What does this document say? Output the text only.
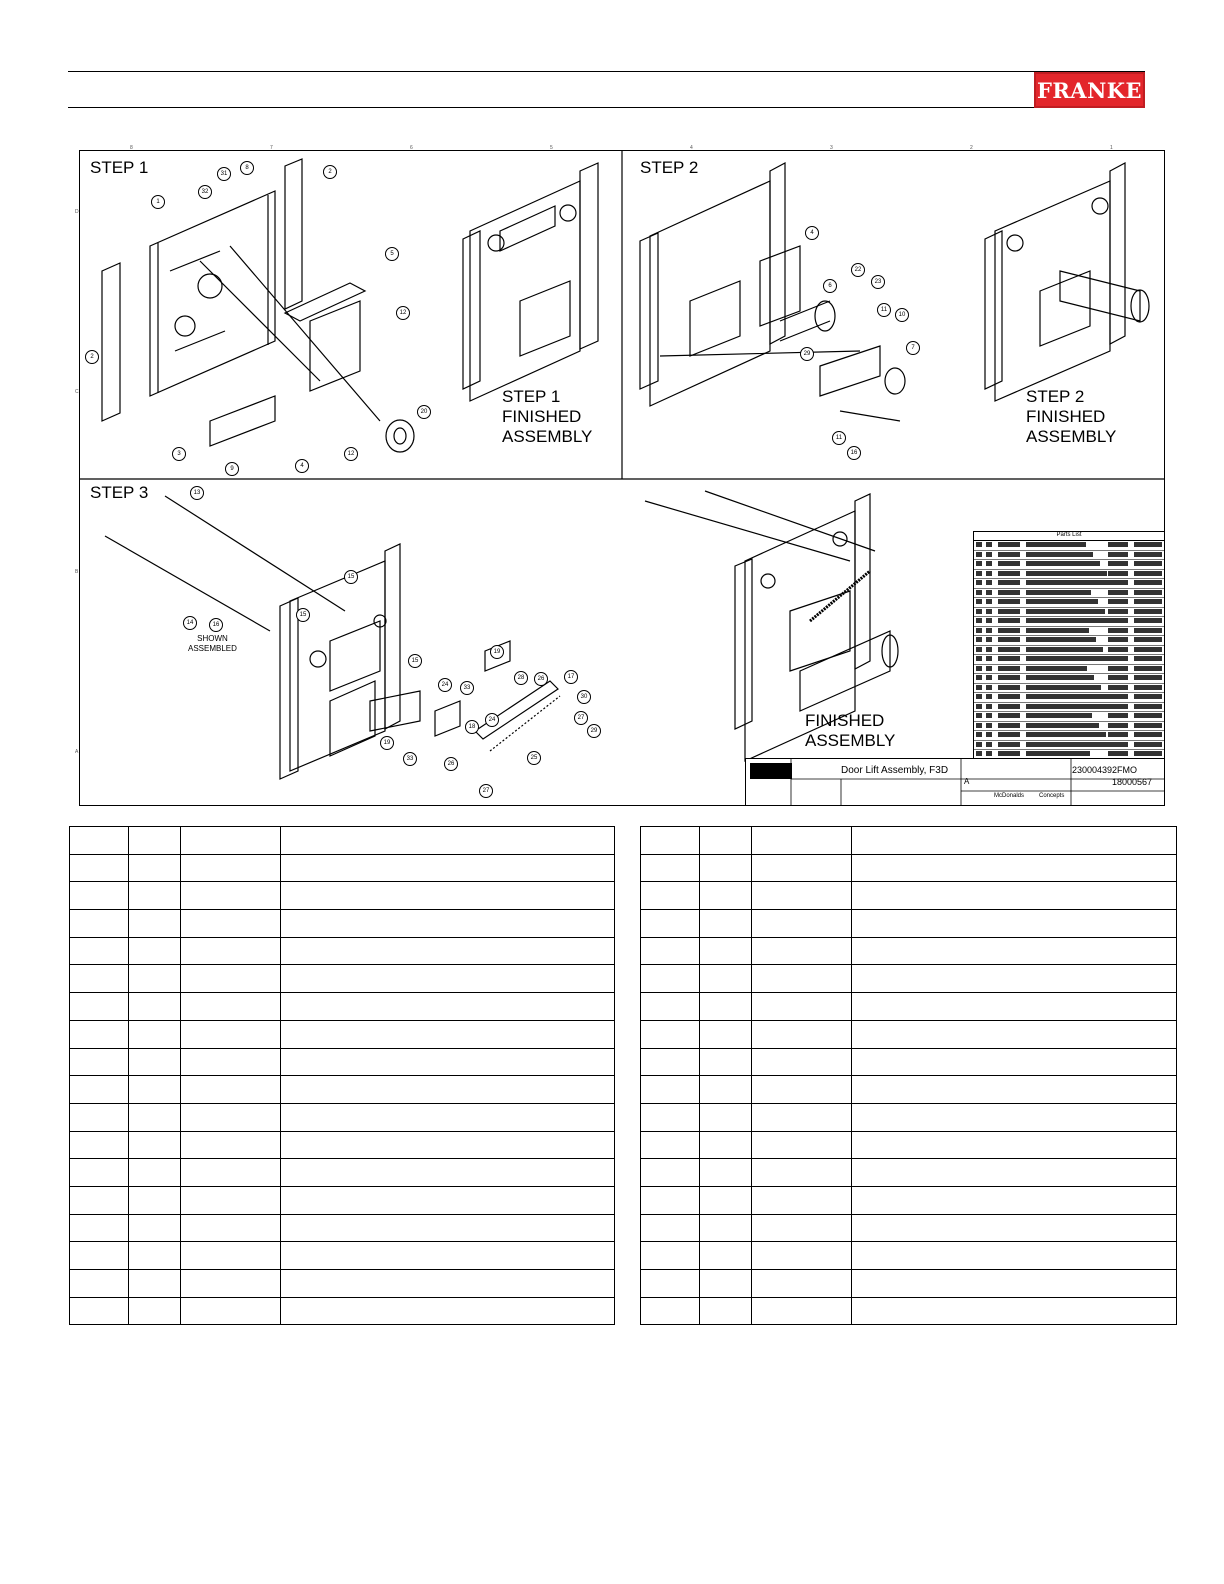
FRANKE
8	7	6	5	4	3	2	1
D
C
B
A
STEP 1	STEP 2
STEP 3
STEP 1
FINISHED
ASSEMBLY
STEP 2
FINISHED
ASSEMBLY
FINISHED
ASSEMBLY
SHOWN
ASSEMBLED
1
2
2
3
4
5
8
9
12
12
20
31
32
4
6
7
10
11
11
16
22
23
29
13
14
15
15
15
16
17
18
19
19
24
24
25
26
26
27
27
28
29
30
33
33
Parts List
Door Lift Assembly, F3D	230004392FMO
A	18000567
McDonalds Concepts
